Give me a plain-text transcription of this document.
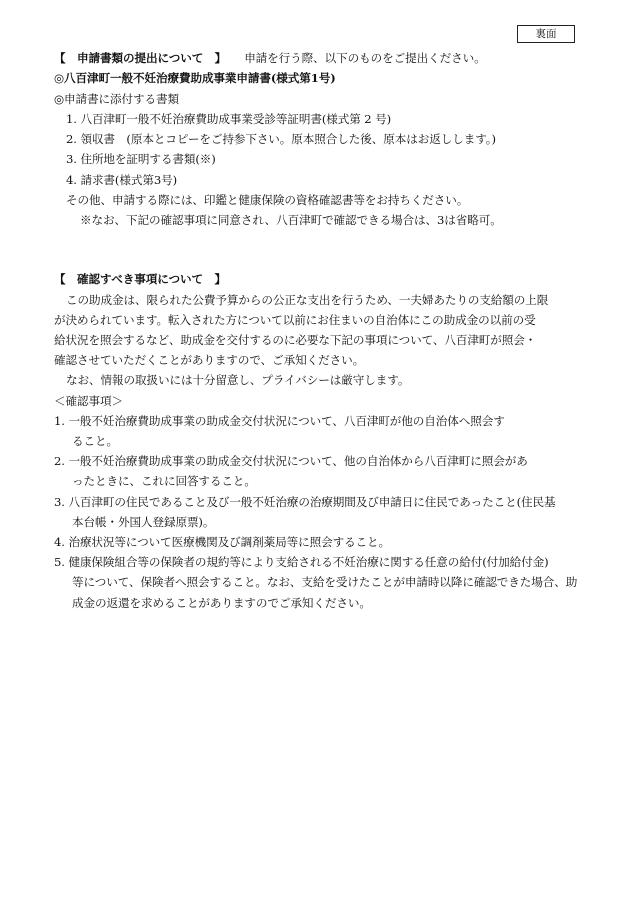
裏面
【　申請書類の提出について　】 申請を行う際、以下のものをご提出ください。
◎八百津町一般不妊治療費助成事業申請書(様式第1号)
◎申請書に添付する書類
1. 八百津町一般不妊治療費助成事業受診等証明書(様式第 2 号)
2. 領収書　(原本とコピーをご持参下さい。原本照合した後、原本はお返しします。)
3. 住所地を証明する書類(※)
4. 請求書(様式第3号)
その他、申請する際には、印鑑と健康保険の資格確認書等をお持ちください。
※なお、下記の確認事項に同意され、八百津町で確認できる場合は、3は省略可。
【　確認すべき事項について　】
この助成金は、限られた公費予算からの公正な支出を行うため、一夫婦あたりの支給額の上限
が決められています。転入された方について以前にお住まいの自治体にこの助成金の以前の受
給状況を照会するなど、助成金を交付するのに必要な下記の事項について、八百津町が照会・
確認させていただくことがありますので、ご承知ください。
なお、情報の取扱いには十分留意し、プライバシーは厳守します。
＜確認事項＞
1. 一般不妊治療費助成事業の助成金交付状況について、八百津町が他の自治体へ照会す
ること。
2. 一般不妊治療費助成事業の助成金交付状況について、他の自治体から八百津町に照会があ
ったときに、これに回答すること。
3. 八百津町の住民であること及び一般不妊治療の治療期間及び申請日に住民であったこと(住民基
本台帳・外国人登録原票)。
4. 治療状況等について医療機関及び調剤薬局等に照会すること。
5. 健康保険組合等の保険者の規約等により支給される不妊治療に関する任意の給付(付加給付金)
等について、保険者へ照会すること。なお、支給を受けたことが申請時以降に確認できた場合、助
成金の返還を求めることがありますのでご承知ください。
